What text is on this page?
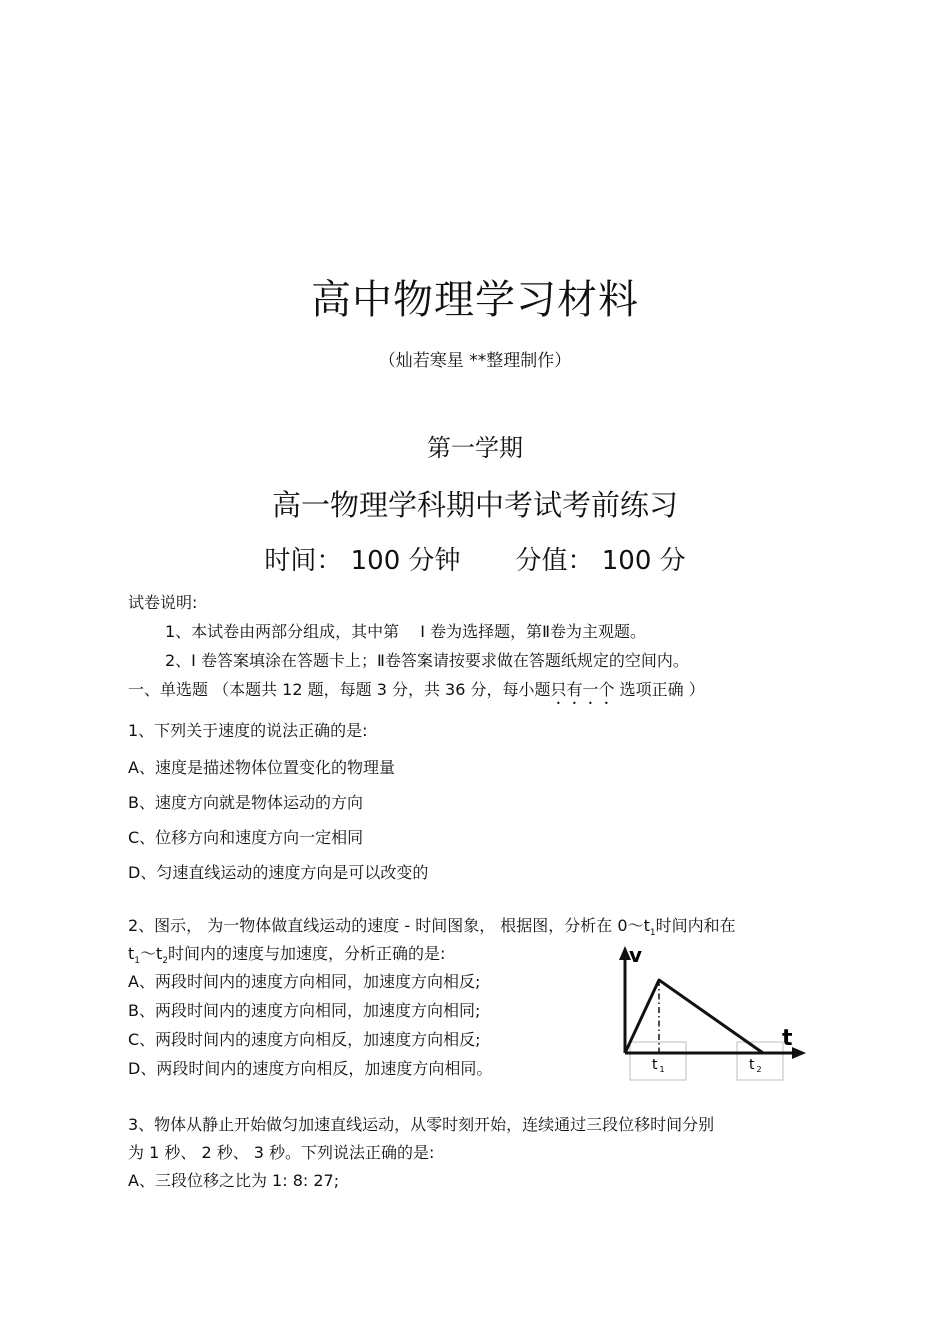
高中物理学习材料
（灿若寒星 **整理制作）
第一学期
高一物理学科期中考试考前练习
时间： 100 分钟 分值： 100 分
试卷说明:
1、本试卷由两部分组成，其中第 　Ⅰ 卷为选择题，第Ⅱ卷为主观题。
2、Ⅰ 卷答案填涂在答题卡上；Ⅱ卷答案请按要求做在答题纸规定的空间内。
一、单选题 （本题共 12 题，每题 3 分，共 36 分，每小题只有一个 选项正确 ）
1、下列关于速度的说法正确的是:
A、速度是描述物体位置变化的物理量
B、速度方向就是物体运动的方向
C、位移方向和速度方向一定相同
D、匀速直线运动的速度方向是可以改变的
2、图示， 为一物体做直线运动的速度 - 时间图象， 根据图，分析在 $0\sim t_1$时间内和在
$t_1\sim t_2$时间内的速度与加速度，分析正确的是:
A、两段时间内的速度方向相同，加速度方向相反;
B、两段时间内的速度方向相同，加速度方向相同;
C、两段时间内的速度方向相反，加速度方向相反;
D、两段时间内的速度方向相反，加速度方向相同。
v
t
t $_1$	t $_2$
3、物体从静止开始做匀加速直线运动，从零时刻开始，连续通过三段位移时间分别
为 1 秒、 2 秒、 3 秒。下列说法正确的是:
A、三段位移之比为 1: 8: 27;
